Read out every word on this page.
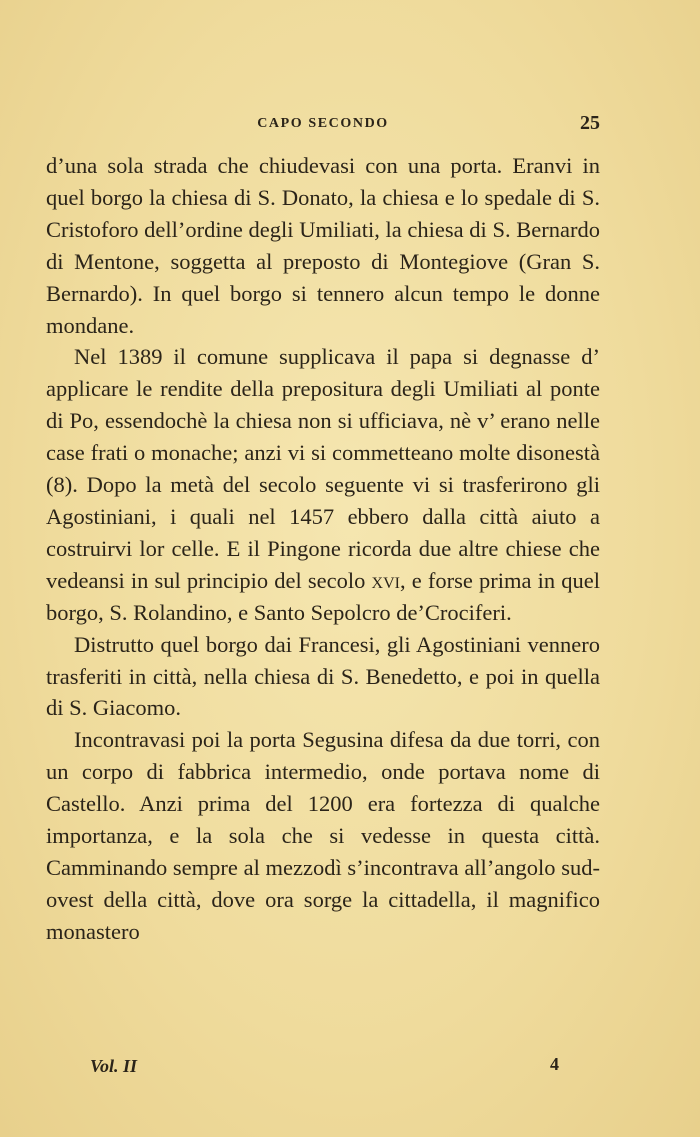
CAPO SECONDO	25

d’una sola strada che chiudevasi con una porta. Eranvi in quel borgo la chiesa di S. Donato, la chiesa e lo spedale di S. Cristoforo dell’ordine degli Umiliati, la chiesa di S. Bernardo di Mentone, soggetta al preposto di Montegiove (Gran S. Bernardo). In quel borgo si tennero alcun tempo le donne mondane.

Nel 1389 il comune supplicava il papa si degnasse d’ applicare le rendite della prepositura degli Umiliati al ponte di Po, essendochè la chiesa non si ufficiava, nè v’ erano nelle case frati o monache; anzi vi si commetteano molte disonestà (8). Dopo la metà del secolo seguente vi si trasferirono gli Agostiniani, i quali nel 1457 ebbero dalla città aiuto a costruirvi lor celle. E il Pingone ricorda due altre chiese che vedeansi in sul principio del secolo xvi, e forse prima in quel borgo, S. Rolandino, e Santo Sepolcro de’Crociferi.

Distrutto quel borgo dai Francesi, gli Agostiniani vennero trasferiti in città, nella chiesa di S. Benedetto, e poi in quella di S. Giacomo.

Incontravasi poi la porta Segusina difesa da due torri, con un corpo di fabbrica intermedio, onde portava nome di Castello. Anzi prima del 1200 era fortezza di qualche importanza, e la sola che si vedesse in questa città. Camminando sempre al mezzodì s’incontrava all’angolo sud-ovest della città, dove ora sorge la cittadella, il magnifico monastero

Vol. II	4
